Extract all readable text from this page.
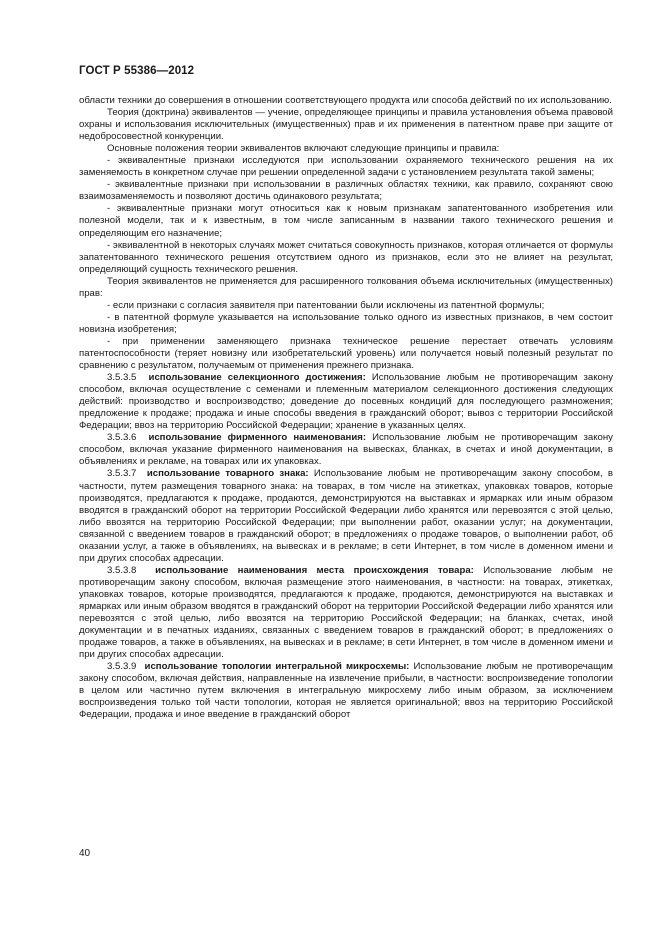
ГОСТ Р 55386—2012

области техники до совершения в отношении соответствующего продукта или способа действий по их использованию.

Теория (доктрина) эквивалентов — учение, определяющее принципы и правила установления объема правовой охраны и использования исключительных (имущественных) прав и их применения в патентном праве при защите от недобросовестной конкуренции.

Основные положения теории эквивалентов включают следующие принципы и правила:

- эквивалентные признаки исследуются при использовании охраняемого технического решения на их заменяемость в конкретном случае при решении определенной задачи с установлением результата такой замены;

- эквивалентные признаки при использовании в различных областях техники, как правило, сохраняют свою взаимозаменяемость и позволяют достичь одинакового результата;

- эквивалентные признаки могут относиться как к новым признакам запатентованного изобретения или полезной модели, так и к известным, в том числе записанным в названии такого технического решения и определяющим его назначение;

- эквивалентной в некоторых случаях может считаться совокупность признаков, которая отличается от формулы запатентованного технического решения отсутствием одного из признаков, если это не влияет на результат, определяющий сущность технического решения.

Теория эквивалентов не применяется для расширенного толкования объема исключительных (имущественных) прав:

- если признаки с согласия заявителя при патентовании были исключены из патентной формулы;

- в патентной формуле указывается на использование только одного из известных признаков, в чем состоит новизна изобретения;

- при применении заменяющего признака техническое решение перестает отвечать условиям патентоспособности (теряет новизну или изобретательский уровень) или получается новый полезный результат по сравнению с результатом, получаемым от применения прежнего признака.

3.5.3.5 использование селекционного достижения: Использование любым не противоречащим закону способом, включая осуществление с семенами и племенным материалом селекционного достижения следующих действий: производство и воспроизводство; доведение до посевных кондиций для последующего размножения; предложение к продаже; продажа и иные способы введения в гражданский оборот; вывоз с территории Российской Федерации; ввоз на территорию Российской Федерации; хранение в указанных целях.

3.5.3.6 использование фирменного наименования: Использование любым не противоречащим закону способом, включая указание фирменного наименования на вывесках, бланках, в счетах и иной документации, в объявлениях и рекламе, на товарах или их упаковках.

3.5.3.7 использование товарного знака: Использование любым не противоречащим закону способом, в частности, путем размещения товарного знака: на товарах, в том числе на этикетках, упаковках товаров, которые производятся, предлагаются к продаже, продаются, демонстрируются на выставках и ярмарках или иным образом вводятся в гражданский оборот на территории Российской Федерации либо хранятся или перевозятся с этой целью, либо ввозятся на территорию Российской Федерации; при выполнении работ, оказании услуг; на документации, связанной с введением товаров в гражданский оборот; в предложениях о продаже товаров, о выполнении работ, об оказании услуг, а также в объявлениях, на вывесках и в рекламе; в сети Интернет, в том числе в доменном имени и при других способах адресации.

3.5.3.8 использование наименования места происхождения товара: Использование любым не противоречащим закону способом, включая размещение этого наименования, в частности: на товарах, этикетках, упаковках товаров, которые производятся, предлагаются к продаже, продаются, демонстрируются на выставках и ярмарках или иным образом вводятся в гражданский оборот на территории Российской Федерации либо хранятся или перевозятся с этой целью, либо ввозятся на территорию Российской Федерации; на бланках, счетах, иной документации и в печатных изданиях, связанных с введением товаров в гражданский оборот; в предложениях о продаже товаров, а также в объявлениях, на вывесках и в рекламе; в сети Интернет, в том числе в доменном имени и при других способах адресации.

3.5.3.9 использование топологии интегральной микросхемы: Использование любым не противоречащим закону способом, включая действия, направленные на извлечение прибыли, в частности: воспроизведение топологии в целом или частично путем включения в интегральную микросхему либо иным образом, за исключением воспроизведения только той части топологии, которая не является оригинальной; ввоз на территорию Российской Федерации, продажа и иное введение в гражданский оборот

40
